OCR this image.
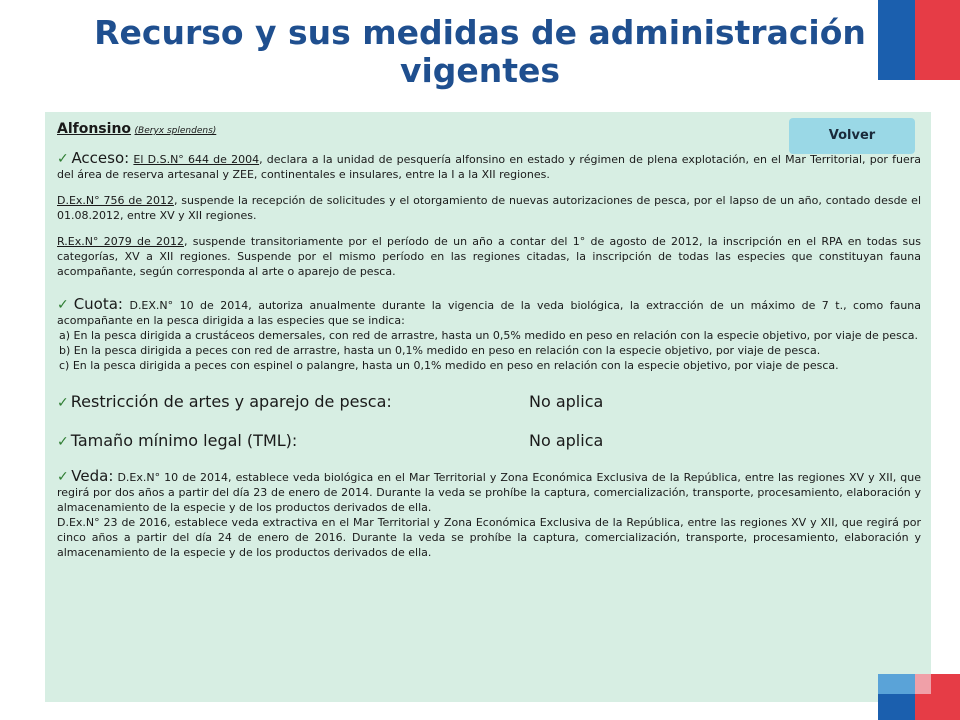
Recurso y sus medidas de administración vigentes
Volver
Alfonsino (Beryx splendens)
✓ Acceso: El D.S.N° 644 de 2004, declara a la unidad de pesquería alfonsino en estado y régimen de plena explotación, en el Mar Territorial, por fuera del área de reserva artesanal y ZEE, continentales e insulares, entre la I a la XII regiones.
D.Ex.N° 756 de 2012, suspende la recepción de solicitudes y el otorgamiento de nuevas autorizaciones de pesca, por el lapso de un año, contado desde el 01.08.2012, entre XV y XII regiones.
R.Ex.N° 2079 de 2012, suspende transitoriamente por el período de un año a contar del 1° de agosto de 2012, la inscripción en el RPA en todas sus categorías, XV a XII regiones. Suspende por el mismo período en las regiones citadas, la inscripción de todas las especies que constituyan fauna acompañante, según corresponda al arte o aparejo de pesca.
✓ Cuota: D.EX.N° 10 de 2014, autoriza anualmente durante la vigencia de la veda biológica, la extracción de un máximo de 7 t., como fauna acompañante en la pesca dirigida a las especies que se indica:
a) En la pesca dirigida a crustáceos demersales, con red de arrastre, hasta un 0,5% medido en peso en relación con la especie objetivo, por viaje de pesca.
b) En la pesca dirigida a peces con red de arrastre, hasta un 0,1% medido en peso en relación con la especie objetivo, por viaje de pesca.
c) En la pesca dirigida a peces con espinel o palangre, hasta un 0,1% medido en peso en relación con la especie objetivo, por viaje de pesca.
✓ Restricción de artes y aparejo de pesca:	No aplica
✓ Tamaño mínimo legal (TML):	No aplica
✓ Veda: D.Ex.N° 10 de 2014, establece veda biológica en el Mar Territorial y Zona Económica Exclusiva de la República, entre las regiones XV y XII, que regirá por dos años a partir del día 23 de enero de 2014. Durante la veda se prohíbe la captura, comercialización, transporte, procesamiento, elaboración y almacenamiento de la especie y de los productos derivados de ella.
D.Ex.N° 23 de 2016, establece veda extractiva en el Mar Territorial y Zona Económica Exclusiva de la República, entre las regiones XV y XII, que regirá por cinco años a partir del día 24 de enero de 2016. Durante la veda se prohíbe la captura, comercialización, transporte, procesamiento, elaboración y almacenamiento de la especie y de los productos derivados de ella.
